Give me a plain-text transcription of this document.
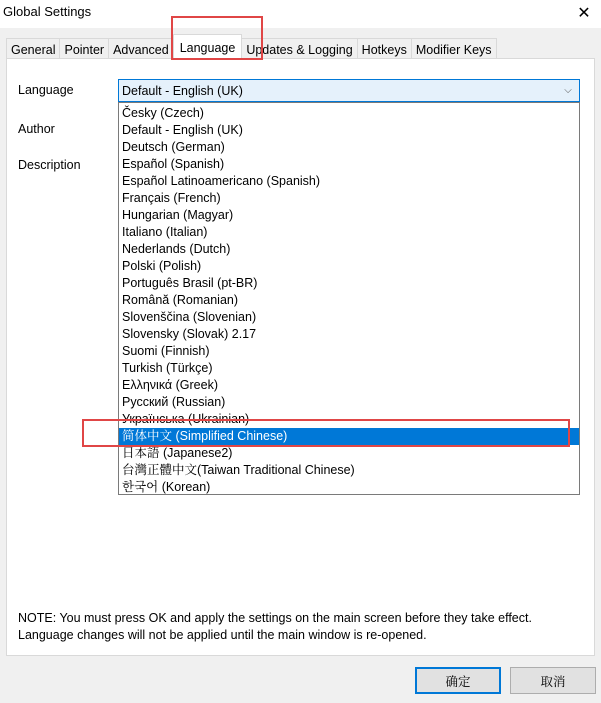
Global Settings	✕
General Pointer Advanced Language Updates & Logging Hotkeys Modifier Keys
Language
Author
Description
Default - English (UK)	⌵
Česky (Czech)
Default - English (UK)
Deutsch (German)
Español (Spanish)
Español Latinoamericano (Spanish)
Français (French)
Hungarian (Magyar)
Italiano (Italian)
Nederlands (Dutch)
Polski (Polish)
Português Brasil (pt-BR)
Română (Romanian)
Slovenščina (Slovenian)
Slovensky (Slovak) 2.17
Suomi (Finnish)
Turkish (Türkçe)
Ελληνικά (Greek)
Русский (Russian)
Українська (Ukrainian)
简体中文 (Simplified Chinese)
日本語 (Japanese2)
台灣正體中文(Taiwan Traditional Chinese)
한국어 (Korean)
NOTE: You must press OK and apply the settings on the main screen before they take effect.
Language changes will not be applied until the main window is re-opened.
确定	取消
